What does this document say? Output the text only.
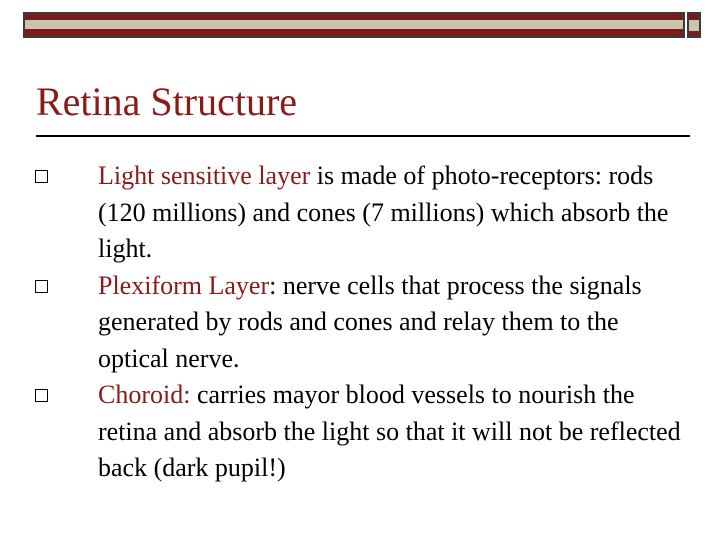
Retina Structure
Light sensitive layer is made of photo-receptors: rods (120 millions) and cones (7 millions) which absorb the light.
Plexiform Layer: nerve cells that process the signals generated by rods and cones and relay them to the optical nerve.
Choroid: carries mayor blood vessels to nourish the retina and absorb the light so that it will not be reflected back (dark pupil!)
